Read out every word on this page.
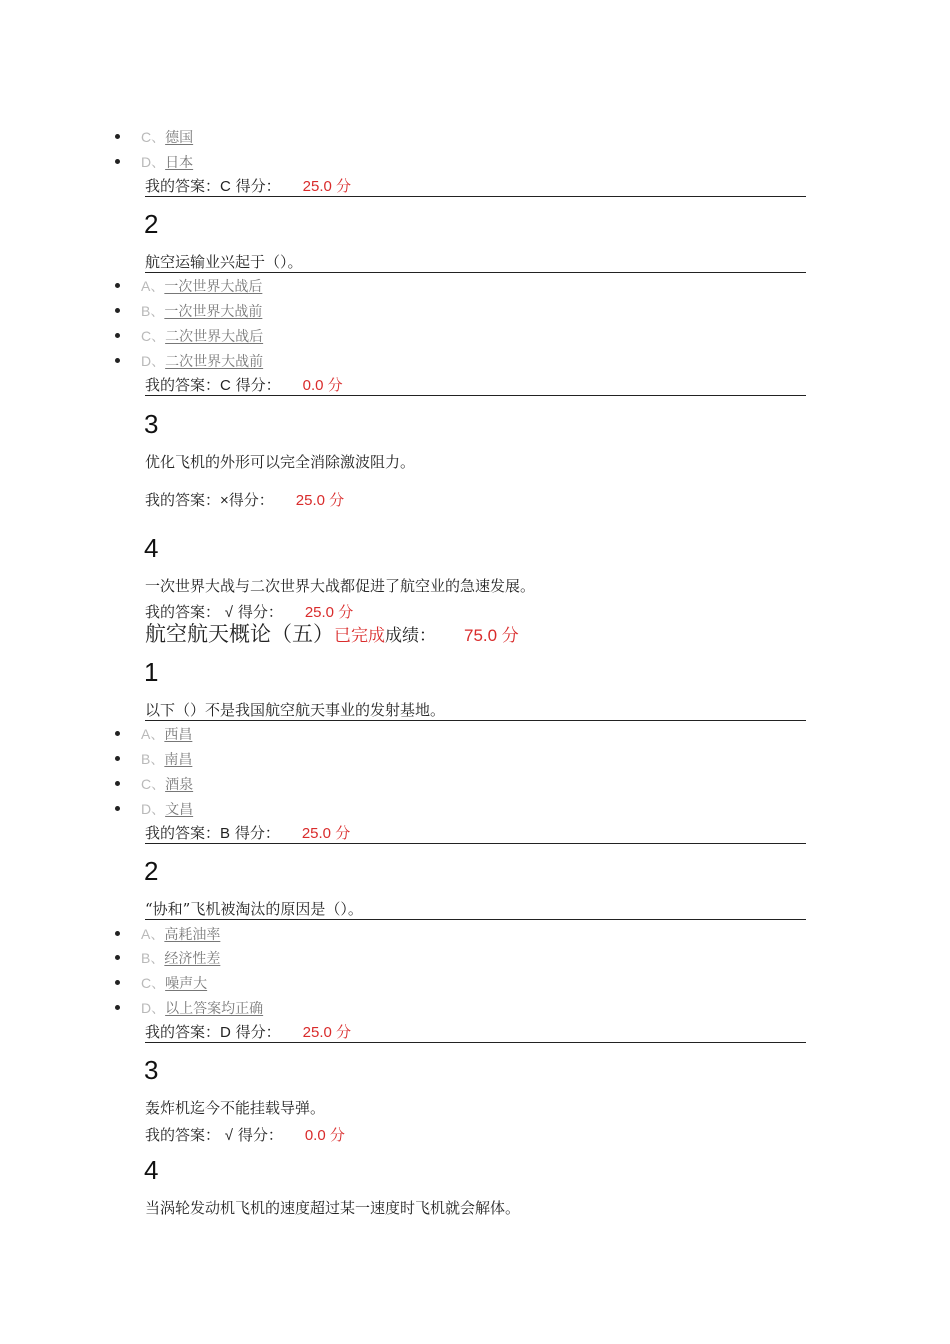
C、德国
D、日本
我的答案：C 得分： 25.0 分
2
航空运输业兴起于（）。
A、一次世界大战后
B、一次世界大战前
C、二次世界大战后
D、二次世界大战前
我的答案：C 得分： 0.0 分
3
优化飞机的外形可以完全消除激波阻力。
我的答案：×得分： 25.0 分
4
一次世界大战与二次世界大战都促进了航空业的急速发展。
我的答案： √ 得分： 25.0 分
航空航天概论（五）已完成成绩： 75.0 分
1
以下（）不是我国航空航天事业的发射基地。
A、西昌
B、南昌
C、酒泉
D、文昌
我的答案：B 得分： 25.0 分
2
“协和”飞机被淘汰的原因是（）。
A、高耗油率
B、经济性差
C、噪声大
D、以上答案均正确
我的答案：D 得分： 25.0 分
3
轰炸机迄今不能挂载导弹。
我的答案： √ 得分： 0.0 分
4
当涡轮发动机飞机的速度超过某一速度时飞机就会解体。
